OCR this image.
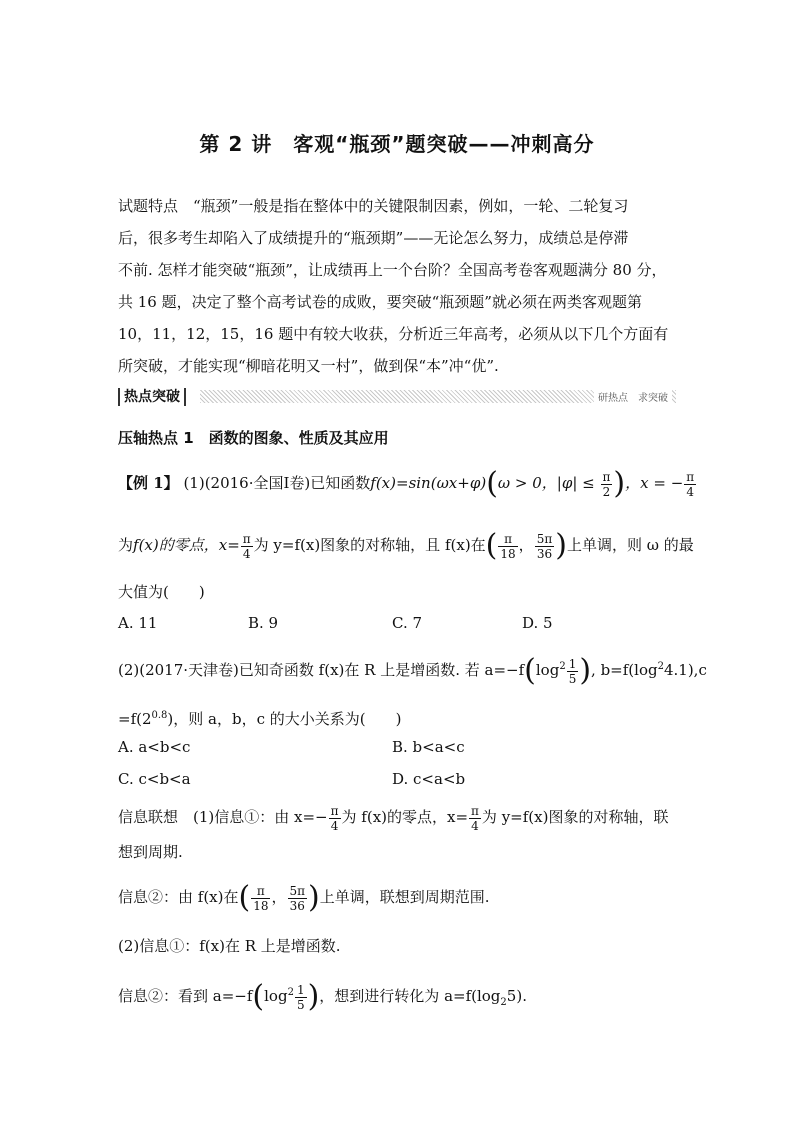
第 2 讲　客观“瓶颈”题突破——冲刺高分
试题特点　“瓶颈”一般是指在整体中的关键限制因素，例如，一轮、二轮复习
后，很多考生却陷入了成绩提升的“瓶颈期”——无论怎么努力，成绩总是停滞
不前. 怎样才能突破“瓶颈”，让成绩再上一个台阶？全国高考卷客观题满分 80 分，
共 16 题，决定了整个高考试卷的成败，要突破“瓶颈题”就必须在两类客观题第
10，11，12，15，16 题中有较大收获，分析近三年高考，必须从以下几个方面有
所突破，才能实现“柳暗花明又一村”，做到保“本”冲“优”.
热点突破	研热点　求突破
压轴热点 1　函数的图象、性质及其应用
【例 1】 (1)(2016·全国Ⅰ卷)已知函数f(x)=sin(ωx+φ)(ω > 0，$|\varphi| \le \frac{\pi}{2}$ )，x = − $\frac{\pi}{4}$
为f(x)的零点，$x= \frac{\pi}{4}$ 为 y=f(x)图象的对称轴，且 f(x)在( $\frac{\pi}{18}$ ， $\frac{5\pi}{36}$ )上单调，则 ω 的最
大值为(　　)
A. 11	B. 9	C. 7	D. 5
(2)(2017·天津卷)已知奇函数 f(x)在 R 上是增函数. 若 $a=-f(\log^2 \frac{1}{5}$ ), $b=f(\log^24.1),c$
$=f(2^{0.8})$，则 a，b，c 的大小关系为(　　)
A. a<b<c	B. b<a<c
C. c<b<a	D. c<a<b
信息联想　(1)信息①：由 $x=- \frac{\pi}{4}$ 为 f(x)的零点，$x= \frac{\pi}{4}$ 为 y=f(x)图象的对称轴，联
想到周期.
信息②：由 f(x)在( $\frac{\pi}{18}$ ， $\frac{5\pi}{36}$ )上单调，联想到周期范围.
(2)信息①：f(x)在 R 上是增函数.
信息②：看到 $a=-f(\log^2 \frac{1}{5}$ )，想到进行转化为 $a=f(\log_25)$.
